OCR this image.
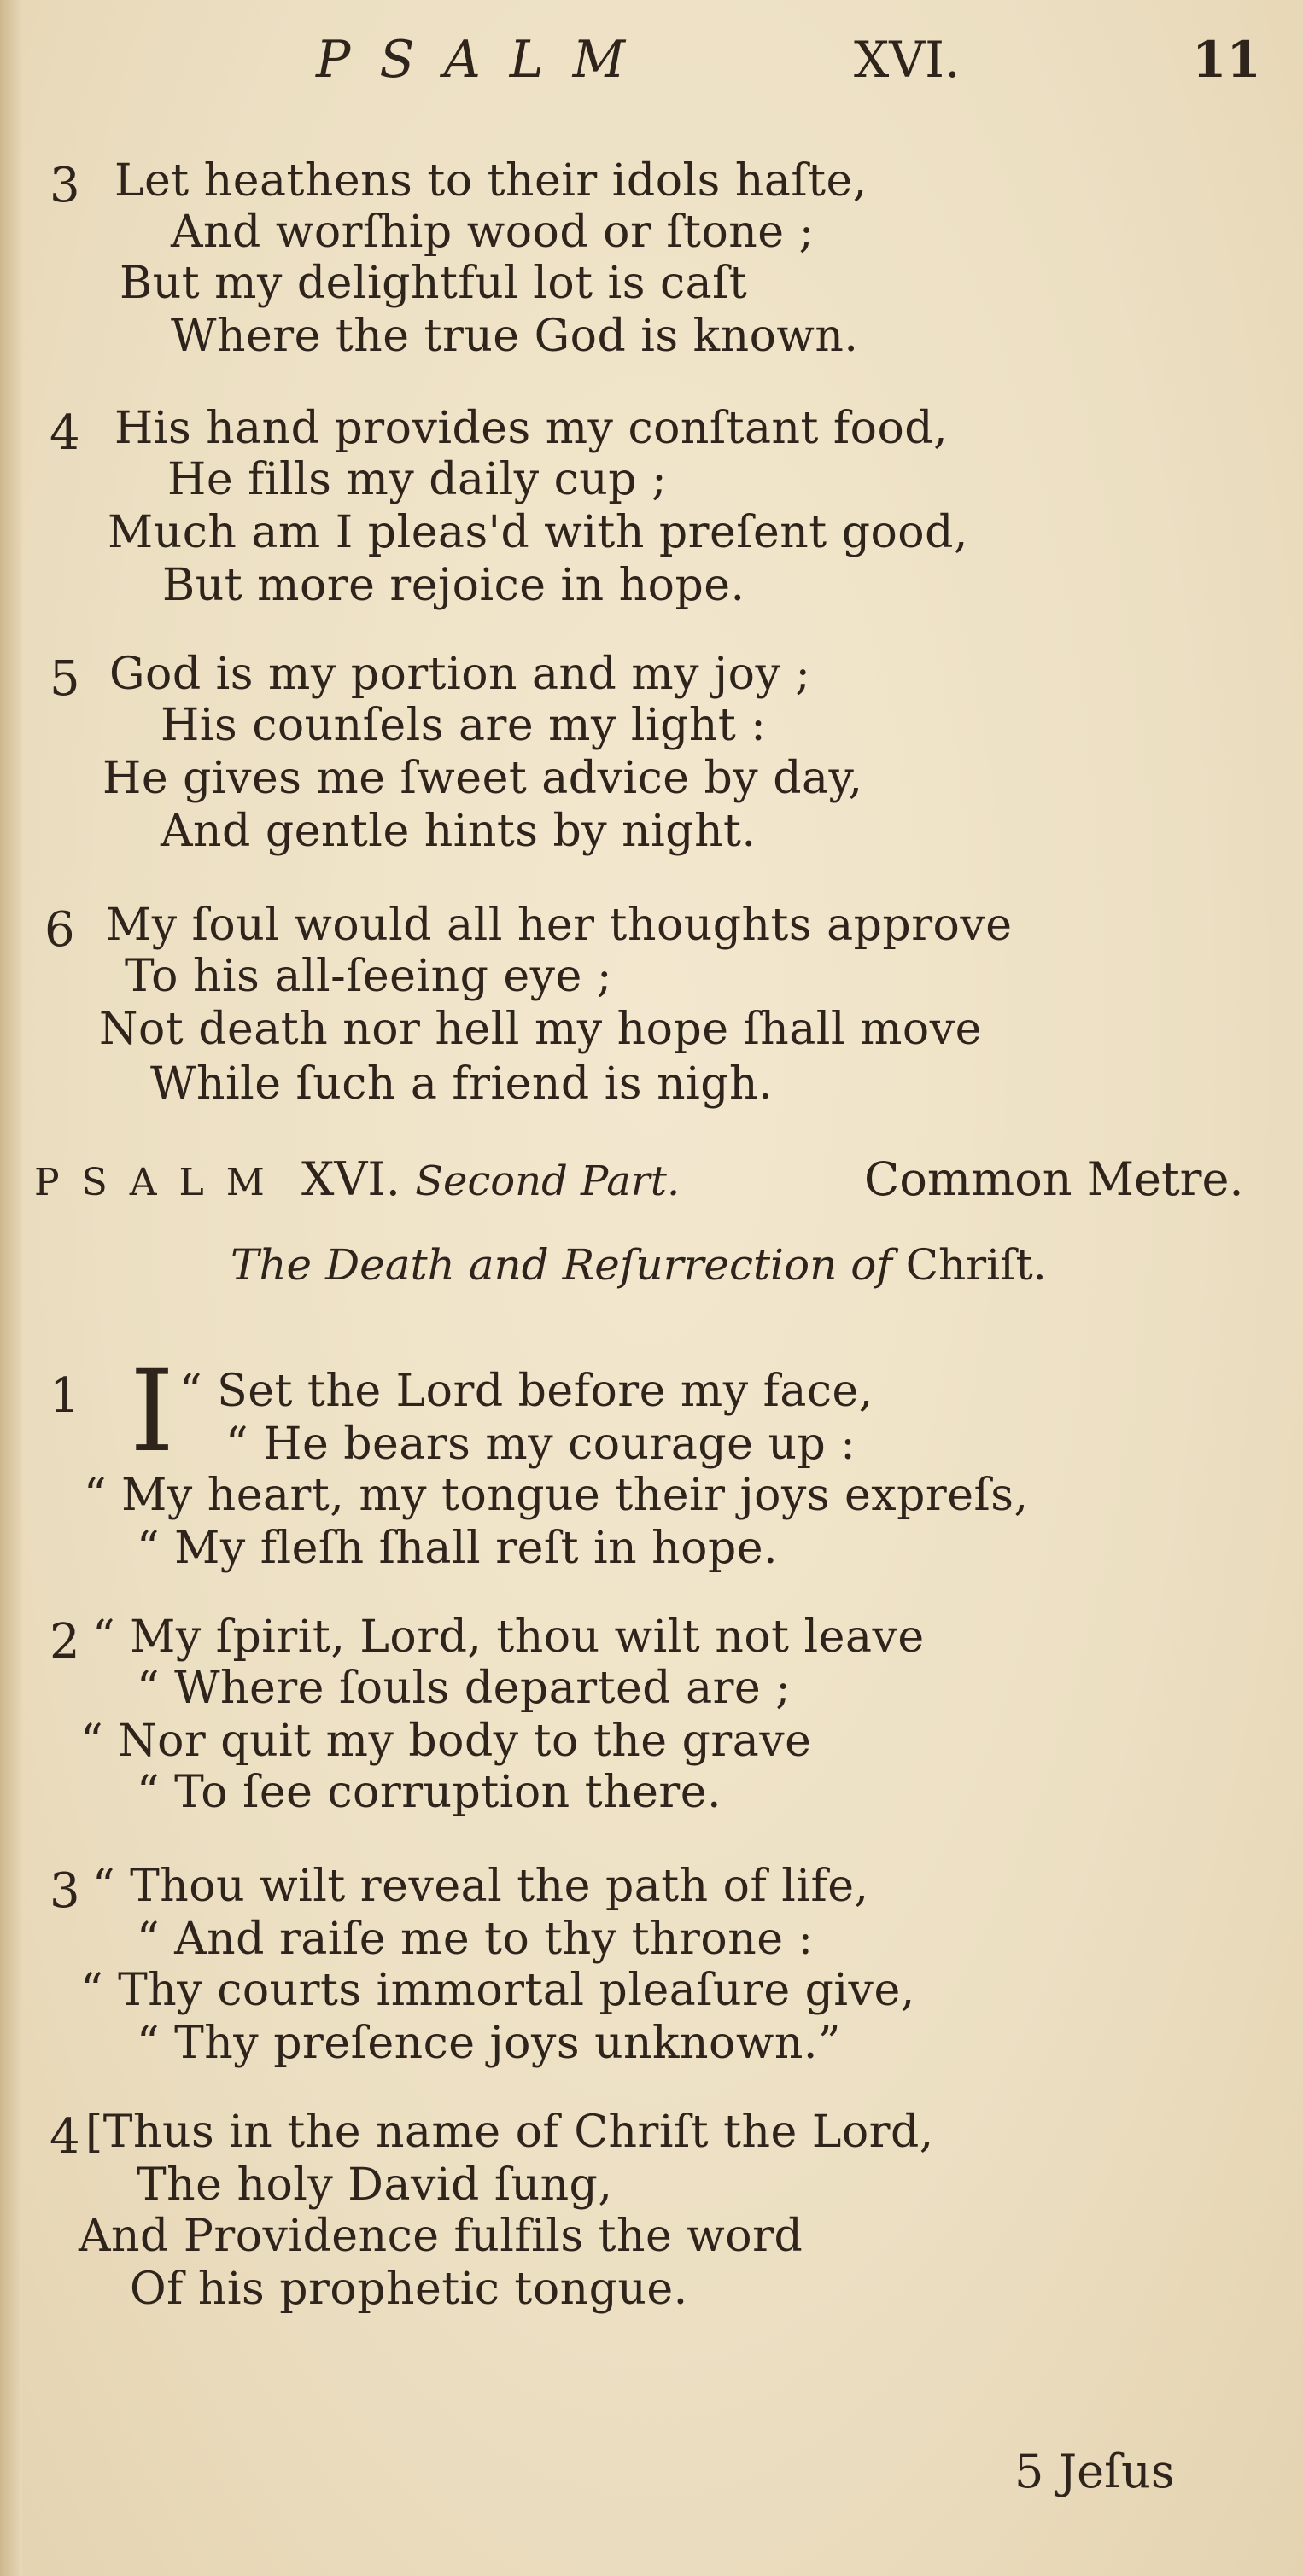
PSALM	XVI.	11
3 Let heathens to their idols haſte,
And worſhip wood or ſtone ;
But my delightful lot is caſt
Where the true God is known.
4 His hand provides my conſtant food,
He fills my daily cup ;
Much am I pleas'd with preſent good,
But more rejoice in hope.
5 God is my portion and my joy ;
His counſels are my light :
He gives me ſweet advice by day,
And gentle hints by night.
6 My ſoul would all her thoughts approve
To his all-ſeeing eye ;
Not death nor hell my hope ſhall move
While ſuch a friend is nigh.
PSALM XVI. Second Part.	Common Metre.
The Death and Reſurrection of Chriſt.
1 I “ Set the Lord before my face,
“ He bears my courage up :
“ My heart, my tongue their joys expreſs,
“ My fleſh ſhall reſt in hope.
2 “ My ſpirit, Lord, thou wilt not leave
“ Where ſouls departed are ;
“ Nor quit my body to the grave
“ To ſee corruption there.
3 “ Thou wilt reveal the path of life,
“ And raiſe me to thy throne :
“ Thy courts immortal pleaſure give,
“ Thy preſence joys unknown.”
4 [Thus in the name of Chriſt the Lord,
The holy David ſung,
And Providence fulfils the word
Of his prophetic tongue.
5 Jeſus
